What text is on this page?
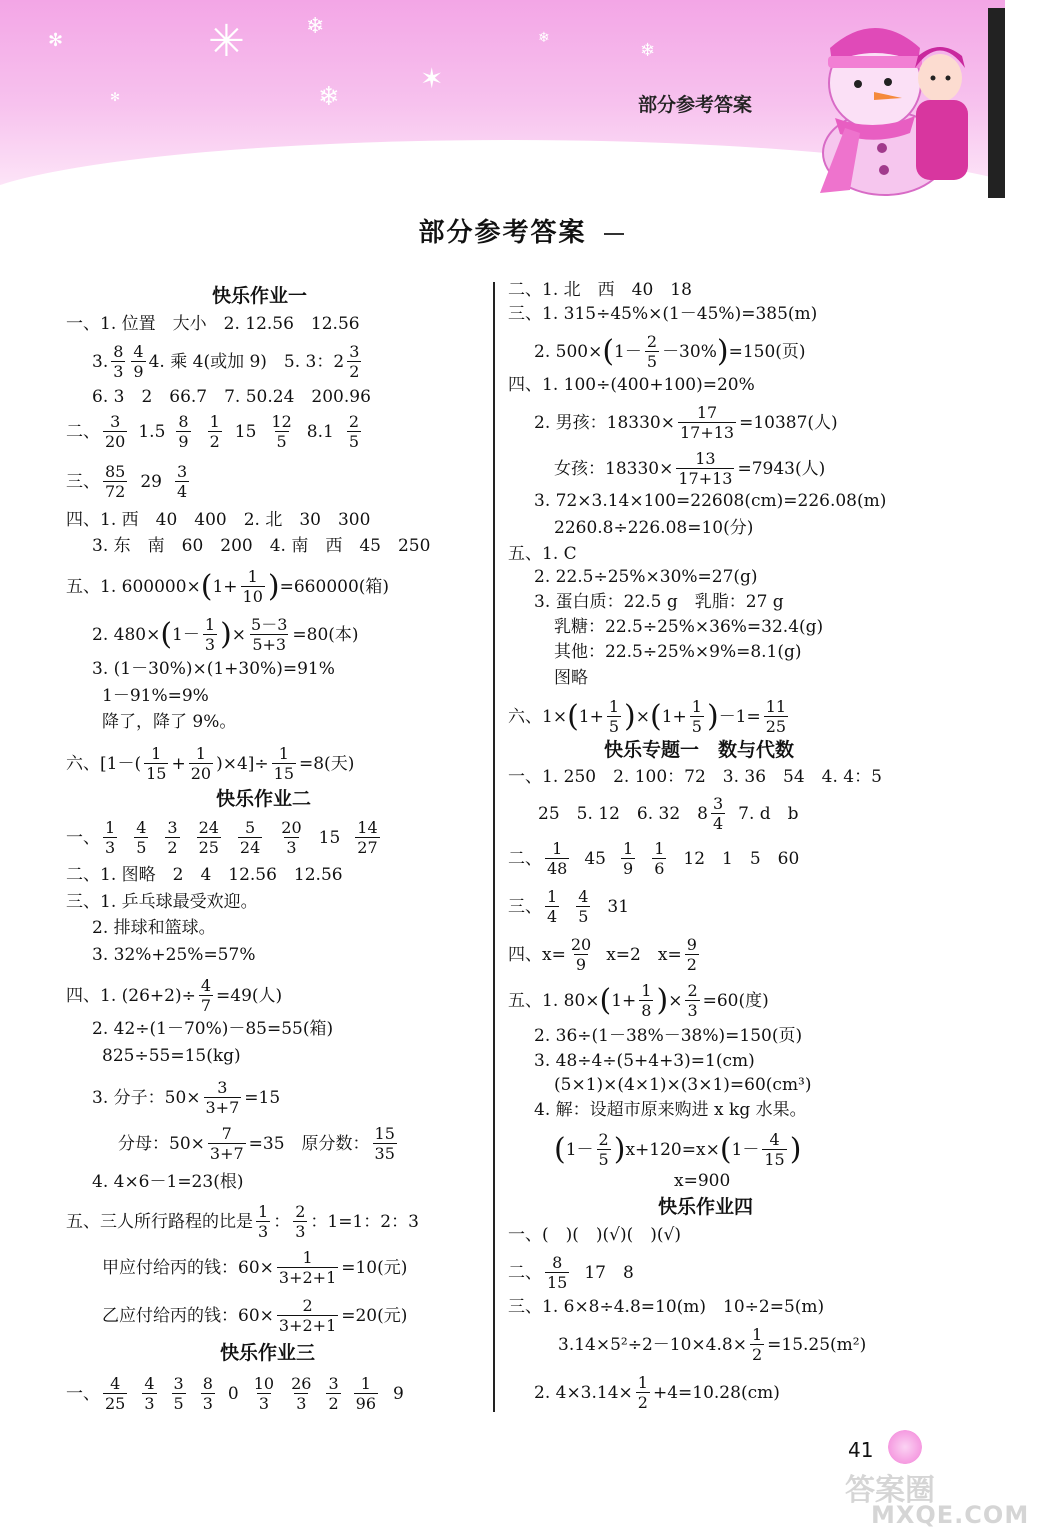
✻	✳	❄
❄
✶
❄
❄
✻	部分参考答案
部分参考答案
快乐作业一
一、1. 位置　大小　2. 12.56　12.56
3. $\frac{8}{3} \frac{4}{9} 4$. 乘 4(或加 9)　5. 3：$2 \frac{3}{2}$
6. 3　2　66.7　7. 50.24　200.96
二、 $\frac{3}{20} 1.5 \frac{8}{9} \frac{1}{2} 15 \frac{12}{5} 8.1 \frac{2}{5}$
三、 $\frac{85}{72} 29 \frac{3}{4}$
四、1. 西　40　400　2. 北　30　300
3. 东　南　60　200　4. 南　西　45　250
五、1. 600000× ( $1+ \frac{1}{10}$ ) =660000(箱)
2. 480× ( $1- \frac{1}{3}$ ) × $\frac{5-3}{5+3} =80$(本)
3. (1－30%)×(1+30%)=91%
1－91%=9%
降了，降了 9%。
六、$[1-( \frac{1}{15} + \frac{1}{20} )\times 4]\div \frac{1}{15} =8$(天)
快乐作业二
一、 $\frac{1}{3} \frac{4}{5} \frac{3}{2} \frac{24}{25} \frac{5}{24} \frac{20}{3} 15 \frac{14}{27}$
二、1. 图略　2　4　12.56　12.56
三、1. 乒乓球最受欢迎。
2. 排球和篮球。
3. 32%+25%=57%
四、1. $(26+2)\div \frac{4}{7} =49$(人)
2. 42÷(1－70%)－85=55(箱)
825÷55=15(kg)
3. 分子：$50\times \frac{3}{3+7} =15$
分母：$50\times \frac{7}{3+7} =35$　原分数： $\frac{15}{35}$
4. 4×6－1=23(根)
五、三人所行路程的比是 $\frac{1}{3}$ ： $\frac{2}{3}$ ：1=1：2：3
甲应付给丙的钱：$60\times \frac{1}{3+2+1} =10$(元)
乙应付给丙的钱：$60\times \frac{2}{3+2+1} =20$(元)
快乐作业三
一、 $\frac{4}{25} \frac{4}{3} \frac{3}{5} \frac{8}{3} 0 \frac{10}{3} \frac{26}{3} \frac{3}{2} \frac{1}{96} 9$
二、1. 北　西　40　18
三、1. 315÷45%×(1－45%)=385(m)
2. 500× ( $1- \frac{2}{5} -30\%$ ) =150(页)
四、1. 100÷(400+100)=20%
2. 男孩：$18330\times \frac{17}{17+13} =10387$(人)
女孩：$18330\times \frac{13}{17+13} =7943$(人)
3. 72×3.14×100=22608(cm)=226.08(m)
2260.8÷226.08=10(分)
五、1. C
2. 22.5÷25%×30%=27(g)
3. 蛋白质：22.5 g　乳脂：27 g
乳糖：22.5÷25%×36%=32.4(g)
其他：22.5÷25%×9%=8.1(g)
图略
六、1× ( $1+ \frac{1}{5}$ ) × ( $1+ \frac{1}{5}$ ) $-1= \frac{11}{25}$
快乐专题一　数与代数
一、1. 250　2. 100：72　3. 36　54　4. 4：5
25　5. 12　6. 32　$8 \frac{3}{4} 7$. d　b
二、 $\frac{1}{48} 45 \frac{1}{9} \frac{1}{6} 12$　1　5　60
三、 $\frac{1}{4} \frac{4}{5} 31$
四、$x= \frac{20}{9} x=2$　$x= \frac{9}{2}$
五、1. 80× ( $1+ \frac{1}{8}$ ) × $\frac{2}{3} =60$(度)
2. 36÷(1－38%－38%)=150(页)
3. 48÷4÷(5+4+3)=1(cm)
(5×1)×(4×1)×(3×1)=60(cm³)
4. 解：设超市原来购进 x kg 水果。
( $1- \frac{2}{5}$ ) x+120=x× ( $1- \frac{4}{15}$ )
x=900
快乐作业四
一、(　)(　)(√)(　)(√)
二、 $\frac{8}{15} 17$　8
三、1. 6×8÷4.8=10(m)　10÷2=5(m)
$3.14\times 5^2\div 2-10\times 4.8\times \frac{1}{2} =15.25(m^2)$
2. $4\times 3.14\times \frac{1}{2} +4=10.28(cm)$
41
答案圈
MXQE.COM
